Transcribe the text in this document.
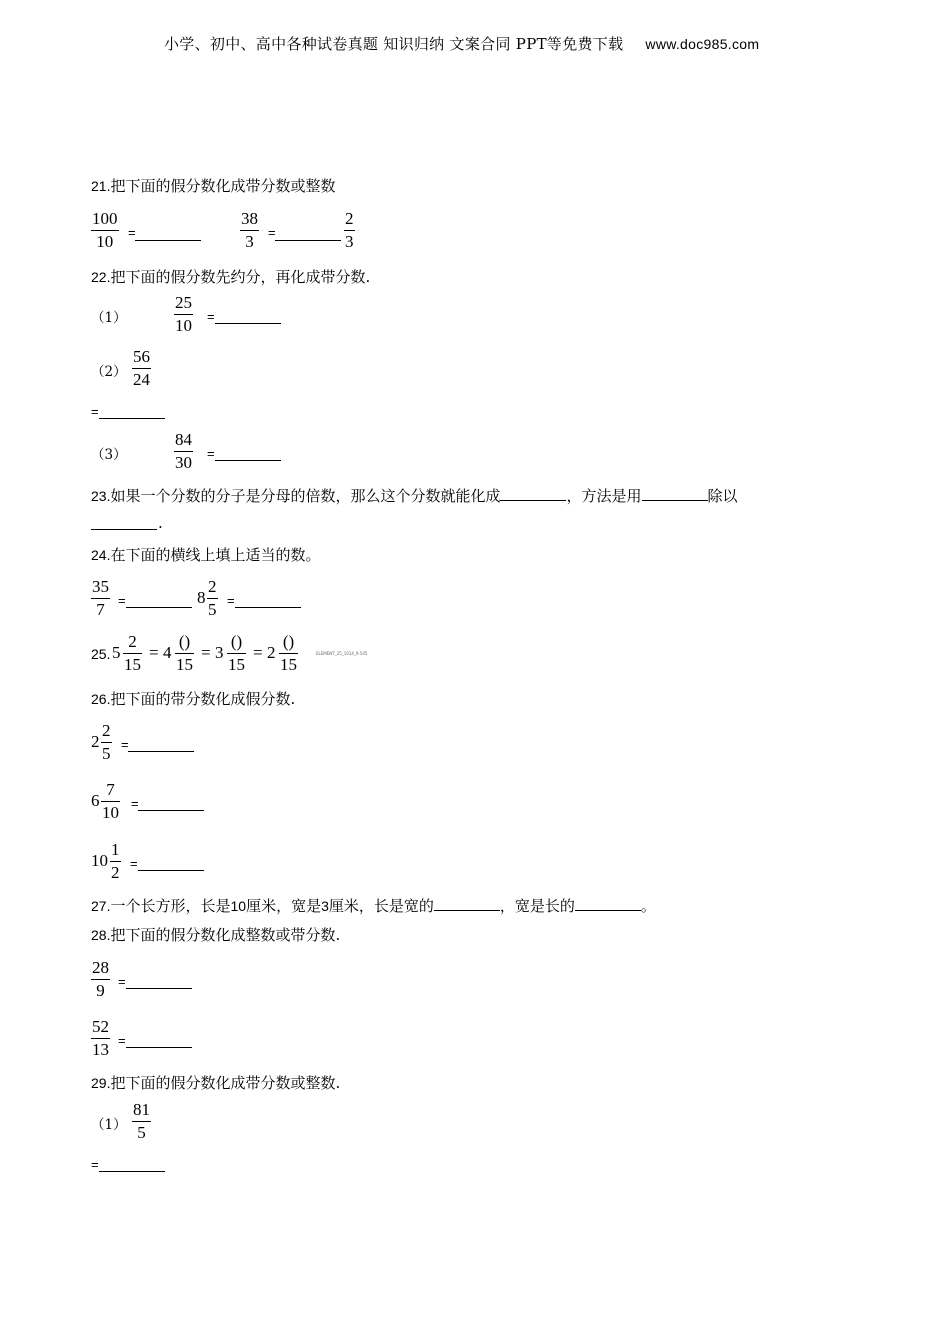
小学、初中、高中各种试卷真题 知识归纳 文案合同 PPT等免费下载 www.doc985.com
21.把下面的假分数化成带分数或整数
$\frac{100}{10}$ =	$\frac{38}{3}$ =	$\frac{2}{3}$
22.把下面的假分数先约分，再化成带分数.
（1）	$\frac{25}{10}$ =
$(2) \frac{56}{24}$
=
（3）	$\frac{84}{30}$ =
23.如果一个分数的分子是分母的倍数，那么这个分数就能化成	，方法是用	除以
.
24.在下面的横线上填上适当的数。
$\frac{35}{7}$ =	$8 \frac{2}{5}$ =
25. $5 \frac{2}{15} = 4$
()
15
= 3
()
15
= 2
()
15
ELEMENT_25_1014_9.545
26.把下面的带分数化成假分数.
$2 \frac{2}{5}$ =
$6 \frac{7}{10}$ =
$10 \frac{1}{2}$ =
27.一个长方形，长是10厘米，宽是3厘米，长是宽的	，宽是长的	。
28.把下面的假分数化成整数或带分数.
$\frac{28}{9}$ =
$\frac{52}{13}$ =
29.把下面的假分数化成带分数或整数.
$(1) \frac{81}{5}$
=
